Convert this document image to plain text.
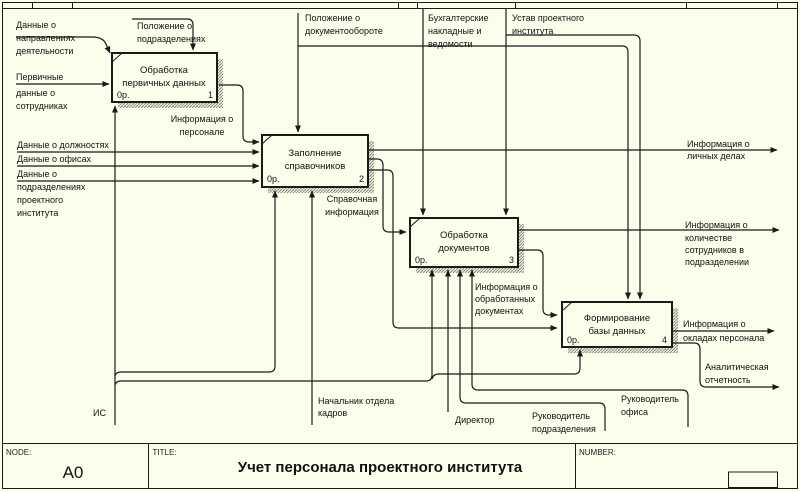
NODE:
A0
TITLE:
Учет персонала проектного института
NUMBER:
Обработка
первичных данных
0р.	1
Заполнение
справочников
0р.	2
Обработка
документов
0р.	3
Формирование
базы данных
0р.	4
Данные о
направлениях
деятельности
Первичные
данные о
сотрудниках
Положение о
подразделениях
Положение о
документообороте
Бухгалтерские
накладные и
ведомости
Устав проектного
института
Информация о
персонале
Данные о должностях
Данные о офисах
Данные о
подразделениях
проектного
института
Справочная
информация
Информация о
личных делах
Информация о
количестве
сотрудников в
подразделении
Информация о
обработанных
документах
Информация о
окладах персонала
Аналитическая
отчетность
ИС
Начальник отдела
кадров
Директор	Руководитель
подразделения
Руководитель
офиса
